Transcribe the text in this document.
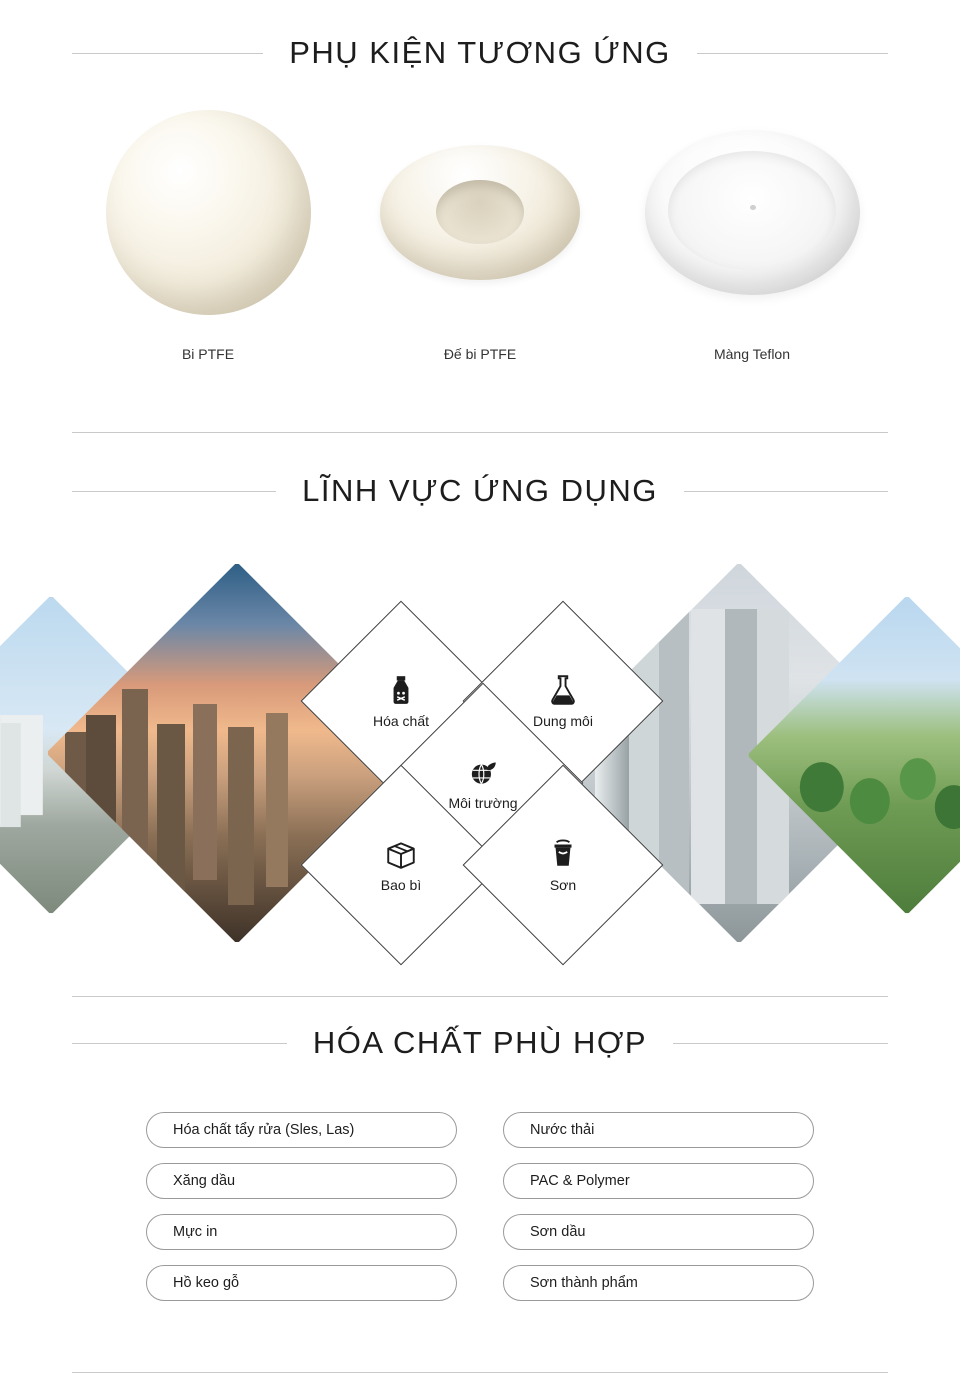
PHỤ KIỆN TƯƠNG ỨNG
Bi PTFE	Đế bi PTFE	Màng Teflon
LĨNH VỰC ỨNG DỤNG
Hóa chất	Dung môi
Môi trường
Bao bì	Sơn
HÓA CHẤT PHÙ HỢP
Hóa chất tẩy rửa (Sles, Las)	Nước thải
Xăng dầu	PAC & Polymer
Mực in	Sơn dầu
Hồ keo gỗ	Sơn thành phẩm
